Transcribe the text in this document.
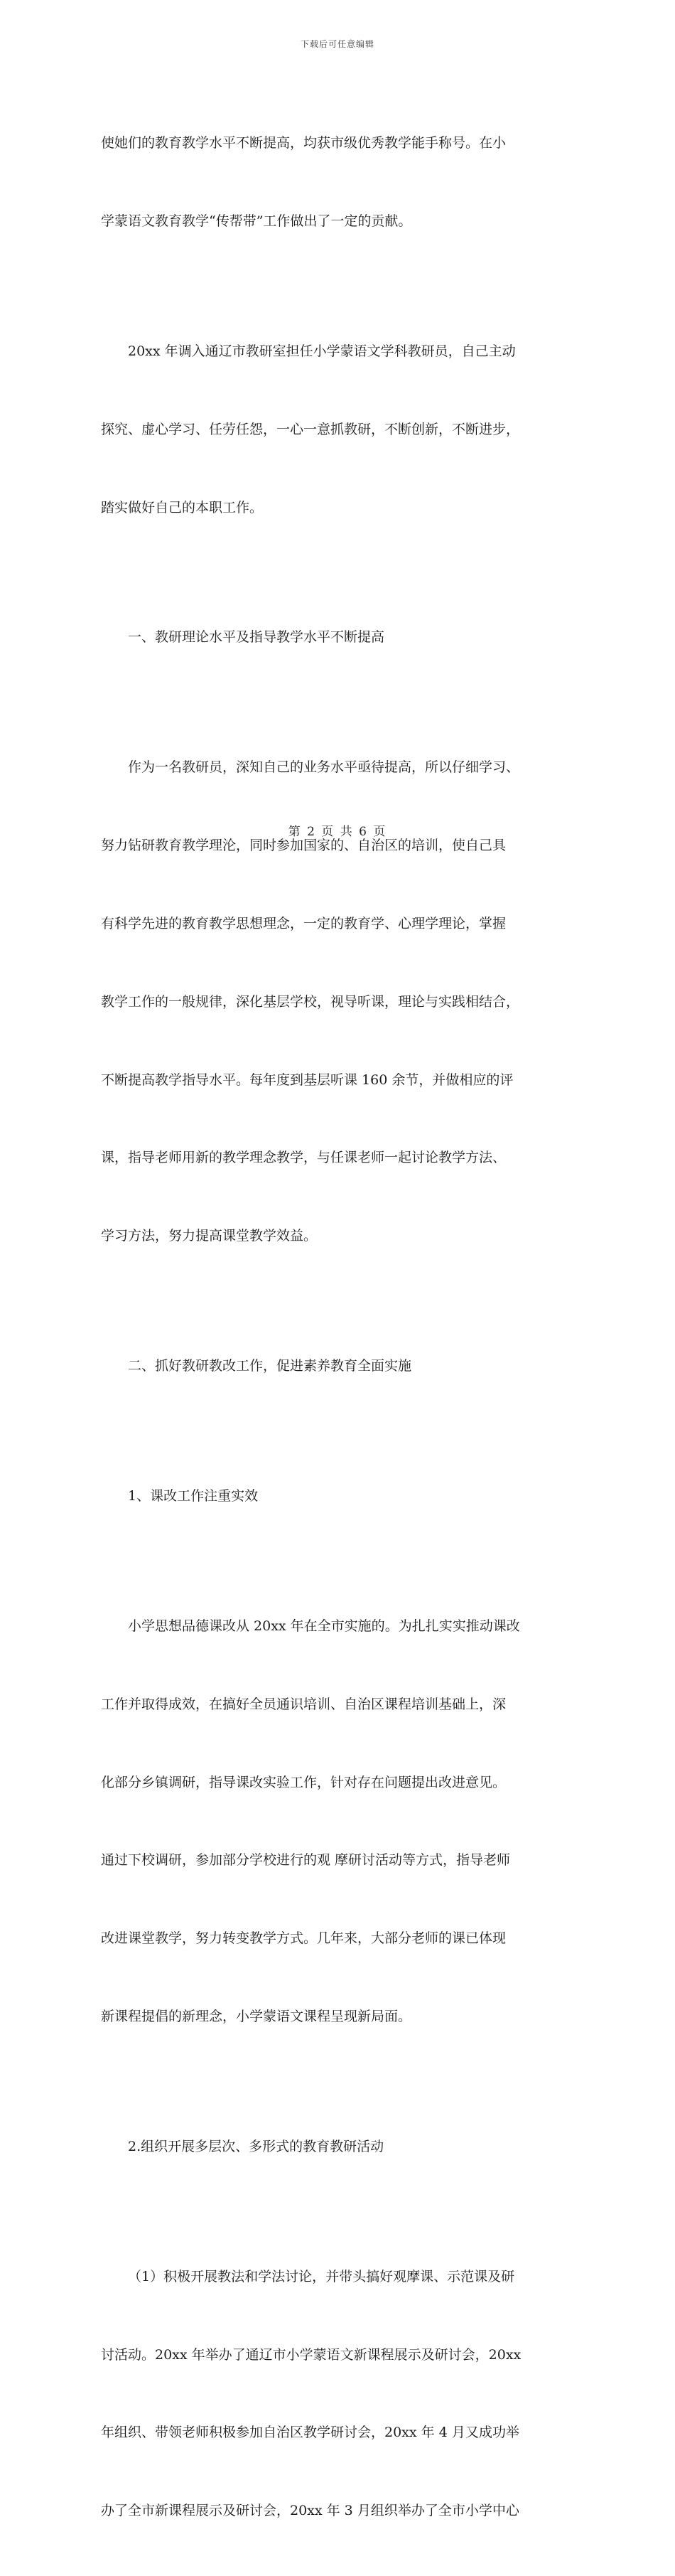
下载后可任意编辑

使她们的教育教学水平不断提高，均获市级优秀教学能手称号。在小

学蒙语文教育教学“传帮带”工作做出了一定的贡献。

20xx 年调入通辽市教研室担任小学蒙语文学科教研员，自己主动

探究、虚心学习、任劳任怨，一心一意抓教研，不断创新，不断进步，

踏实做好自己的本职工作。

一、教研理论水平及指导教学水平不断提高

作为一名教研员，深知自己的业务水平亟待提高，所以仔细学习、

努力钻研教育教学理沦，同时参加国家的、自治区的培训，使自己具

有科学先进的教育教学思想理念，一定的教育学、心理学理论，掌握

教学工作的一般规律，深化基层学校，视导听课，理论与实践相结合，

不断提高教学指导水平。每年度到基层听课 160 余节，并做相应的评

课，指导老师用新的教学理念教学，与任课老师一起讨论教学方法、

学习方法，努力提高课堂教学效益。

二、抓好教研教改工作，促进素养教育全面实施

1、课改工作注重实效

小学思想品德课改从 20xx 年在全市实施的。为扎扎实实推动课改

工作并取得成效，在搞好全员通识培训、自治区课程培训基础上，深

化部分乡镇调研，指导课改实验工作，针对存在问题提出改进意见。

通过下校调研，参加部分学校进行的观 摩研讨活动等方式，指导老师

改进课堂教学，努力转变教学方式。几年来，大部分老师的课已体现

新课程提倡的新理念，小学蒙语文课程呈现新局面。

2.组织开展多层次、多形式的教育教研活动

（1）积极开展教法和学法讨论，并带头搞好观摩课、示范课及研

讨活动。20xx 年举办了通辽市小学蒙语文新课程展示及研讨会，20xx

年组织、带领老师积极参加自治区教学研讨会，20xx 年 4 月又成功举

办了全市新课程展示及研讨会，20xx 年 3 月组织举办了全市小学中心

第 2 页 共 6 页
